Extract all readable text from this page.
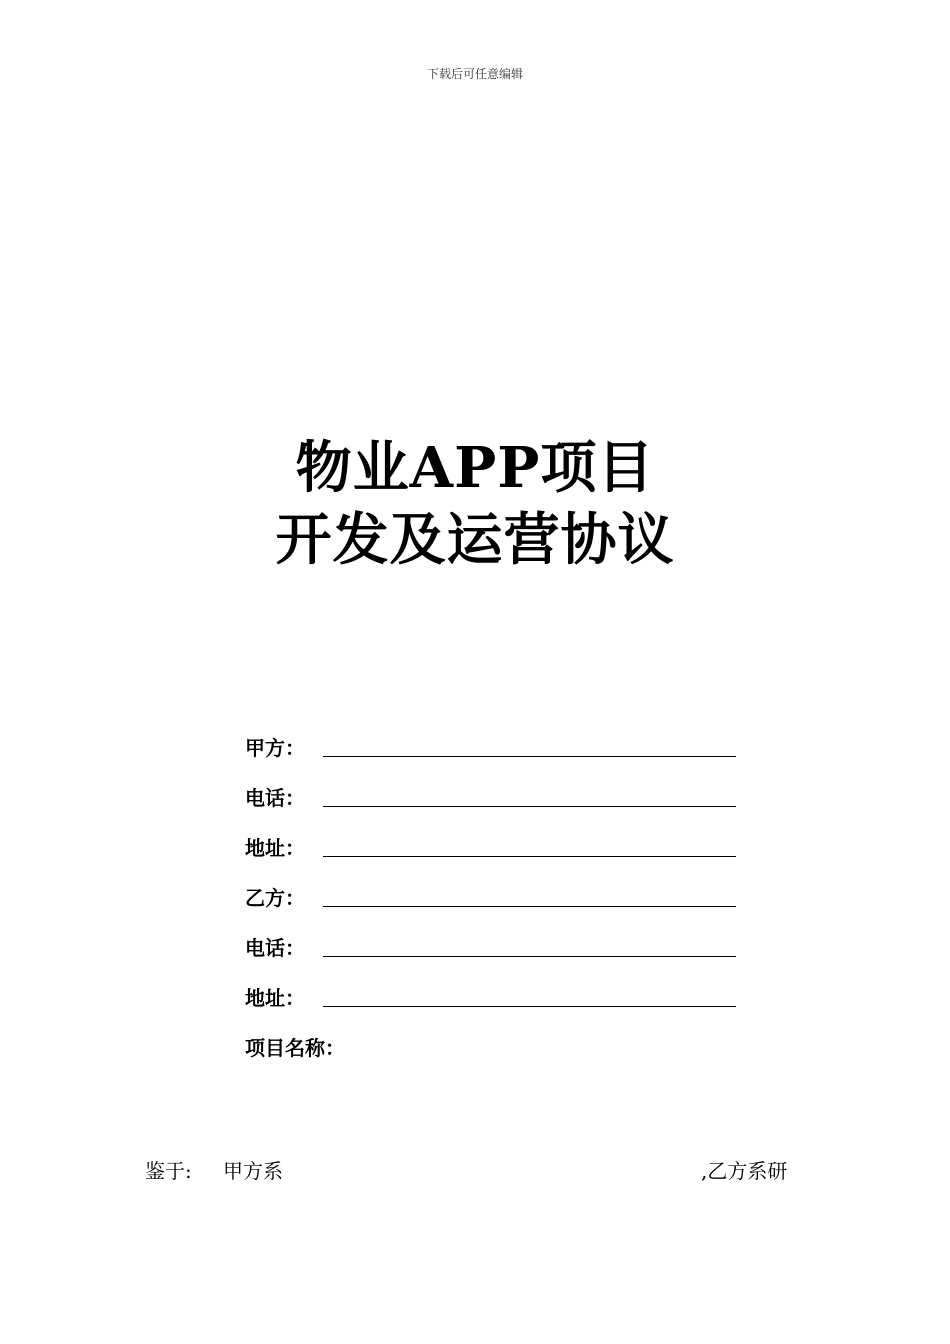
下载后可任意编辑
物业APP项目
开发及运营协议
甲方：
电话：
地址：
乙方：
电话：
地址：
项目名称：
鉴于: 甲方系	,乙方系研
